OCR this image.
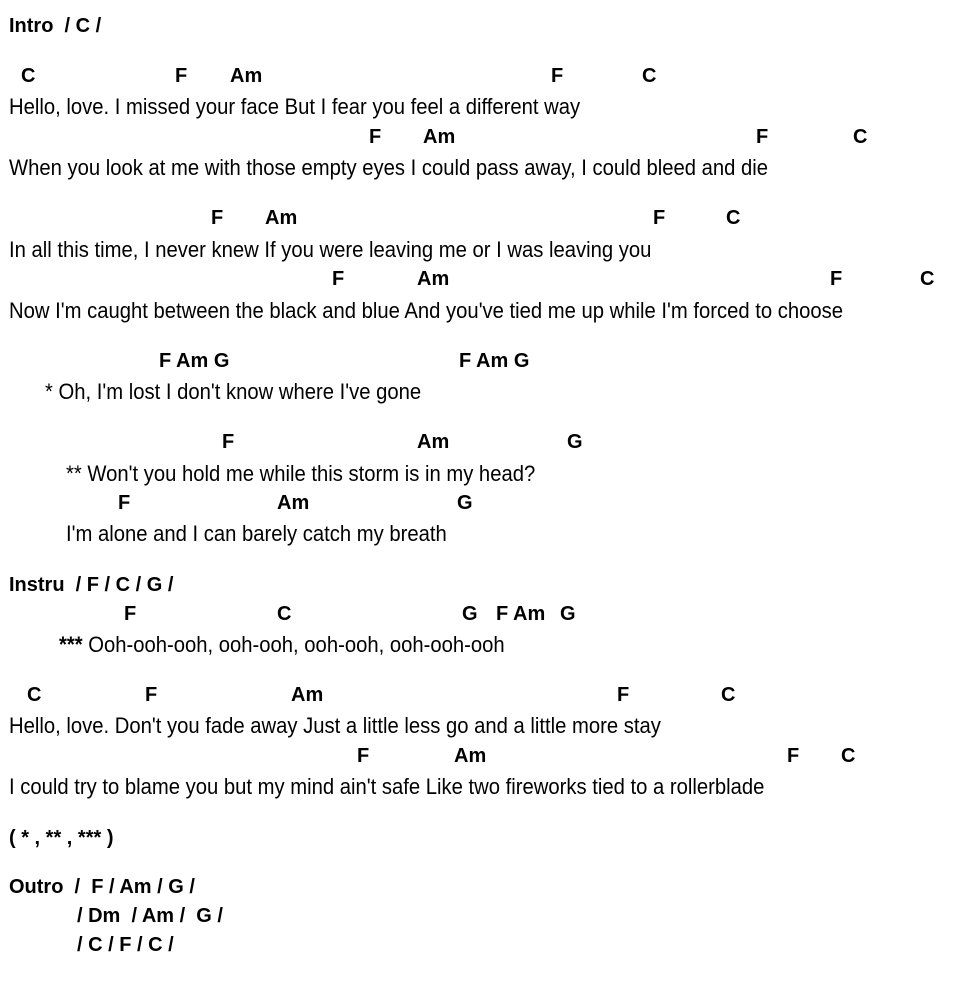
Intro  / C /
C	F Am	F	C
Hello, love. I missed your face But I fear you feel a different way
F Am	F	C
When you look at me with those empty eyes I could pass away, I could bleed and die
F Am	F	C
In all this time, I never knew If you were leaving me or I was leaving you
F	Am	F	C
Now I'm caught between the black and blue And you've tied me up while I'm forced to choose
F Am G	F Am G
* Oh, I'm lost I don't know where I've gone
F	Am	G
** Won't you hold me while this storm is in my head?
F	Am	G
I'm alone and I can barely catch my breath
Instru  / F / C / G /
F	C	G F Am G
*** Ooh-ooh-ooh, ooh-ooh, ooh-ooh, ooh-ooh-ooh
C	F	Am	F	C
Hello, love. Don't you fade away Just a little less go and a little more stay
F	Am	F C
I could try to blame you but my mind ain't safe Like two fireworks tied to a rollerblade
( * , ** , *** )
Outro  /  F / Am / G /
/ Dm  / Am /  G /
/ C / F / C /
